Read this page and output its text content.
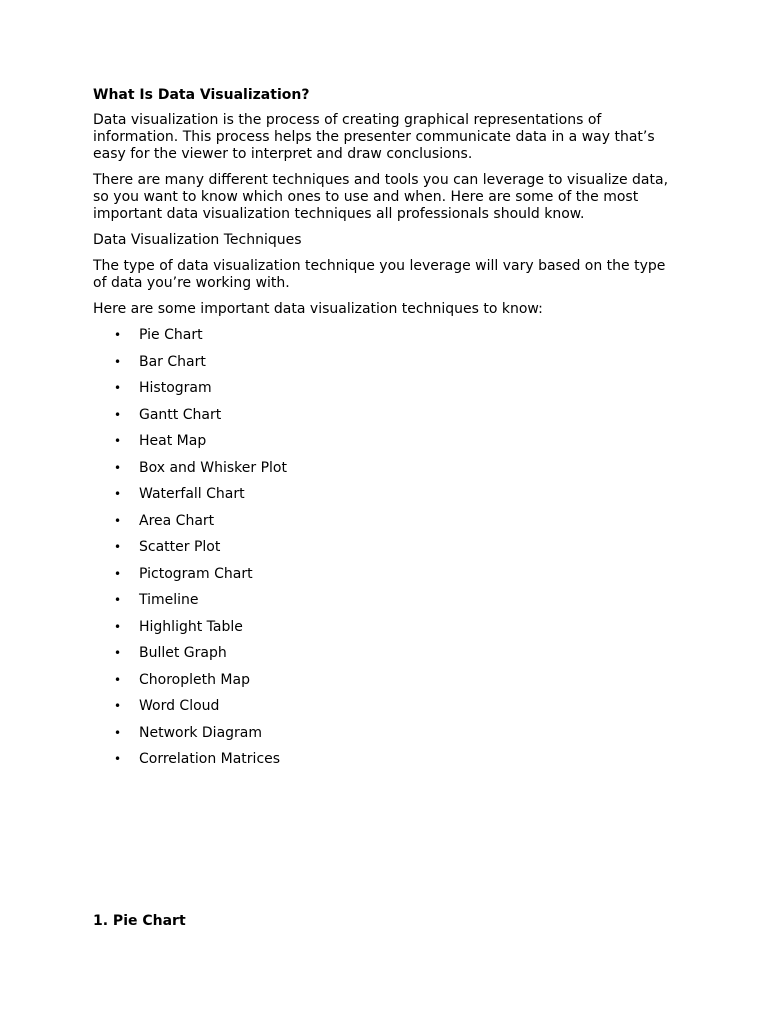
What Is Data Visualization?

Data visualization is the process of creating graphical representations of information. This process helps the presenter communicate data in a way that’s easy for the viewer to interpret and draw conclusions.

There are many different techniques and tools you can leverage to visualize data, so you want to know which ones to use and when. Here are some of the most important data visualization techniques all professionals should know.

Data Visualization Techniques

The type of data visualization technique you leverage will vary based on the type of data you’re working with.

Here are some important data visualization techniques to know:

• Pie Chart
• Bar Chart
• Histogram
• Gantt Chart
• Heat Map
• Box and Whisker Plot
• Waterfall Chart
• Area Chart
• Scatter Plot
• Pictogram Chart
• Timeline
• Highlight Table
• Bullet Graph
• Choropleth Map
• Word Cloud
• Network Diagram
• Correlation Matrices
1. Pie Chart
